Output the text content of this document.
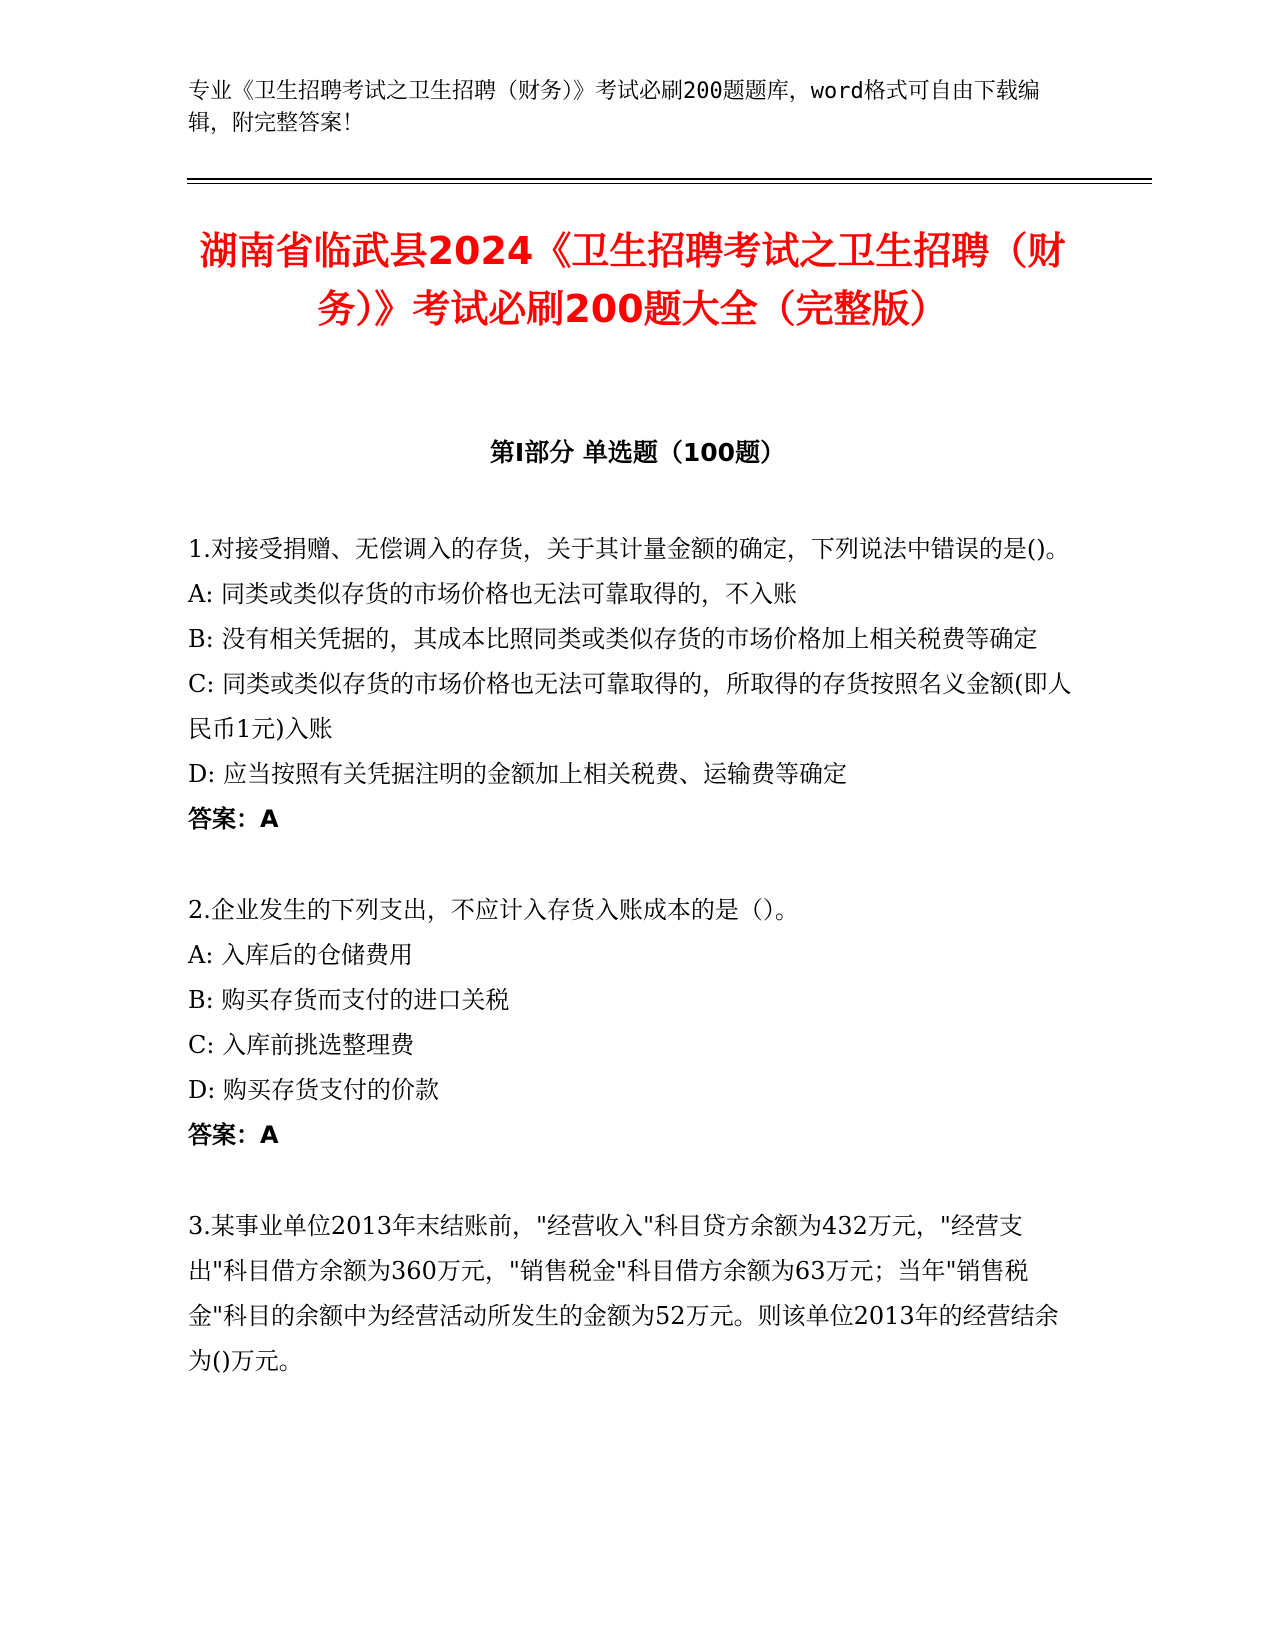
专业《卫生招聘考试之卫生招聘（财务）》考试必刷200题题库，word格式可自由下载编辑，附完整答案！
湖南省临武县2024《卫生招聘考试之卫生招聘（财务）》考试必刷200题大全（完整版）
第I部分 单选题（100题）

1.对接受捐赠、无偿调入的存货，关于其计量金额的确定，下列说法中错误的是()。

A: 同类或类似存货的市场价格也无法可靠取得的，不入账

B: 没有相关凭据的，其成本比照同类或类似存货的市场价格加上相关税费等确定

C: 同类或类似存货的市场价格也无法可靠取得的，所取得的存货按照名义金额(即人民币1元)入账

D: 应当按照有关凭据注明的金额加上相关税费、运输费等确定

答案：A

2.企业发生的下列支出，不应计入存货入账成本的是（）。

A: 入库后的仓储费用

B: 购买存货而支付的进口关税

C: 入库前挑选整理费

D: 购买存货支付的价款

答案：A

3.某事业单位2013年末结账前，"经营收入"科目贷方余额为432万元，"经营支出"科目借方余额为360万元，"销售税金"科目借方余额为63万元；当年"销售税金"科目的余额中为经营活动所发生的金额为52万元。则该单位2013年的经营结余为()万元。
